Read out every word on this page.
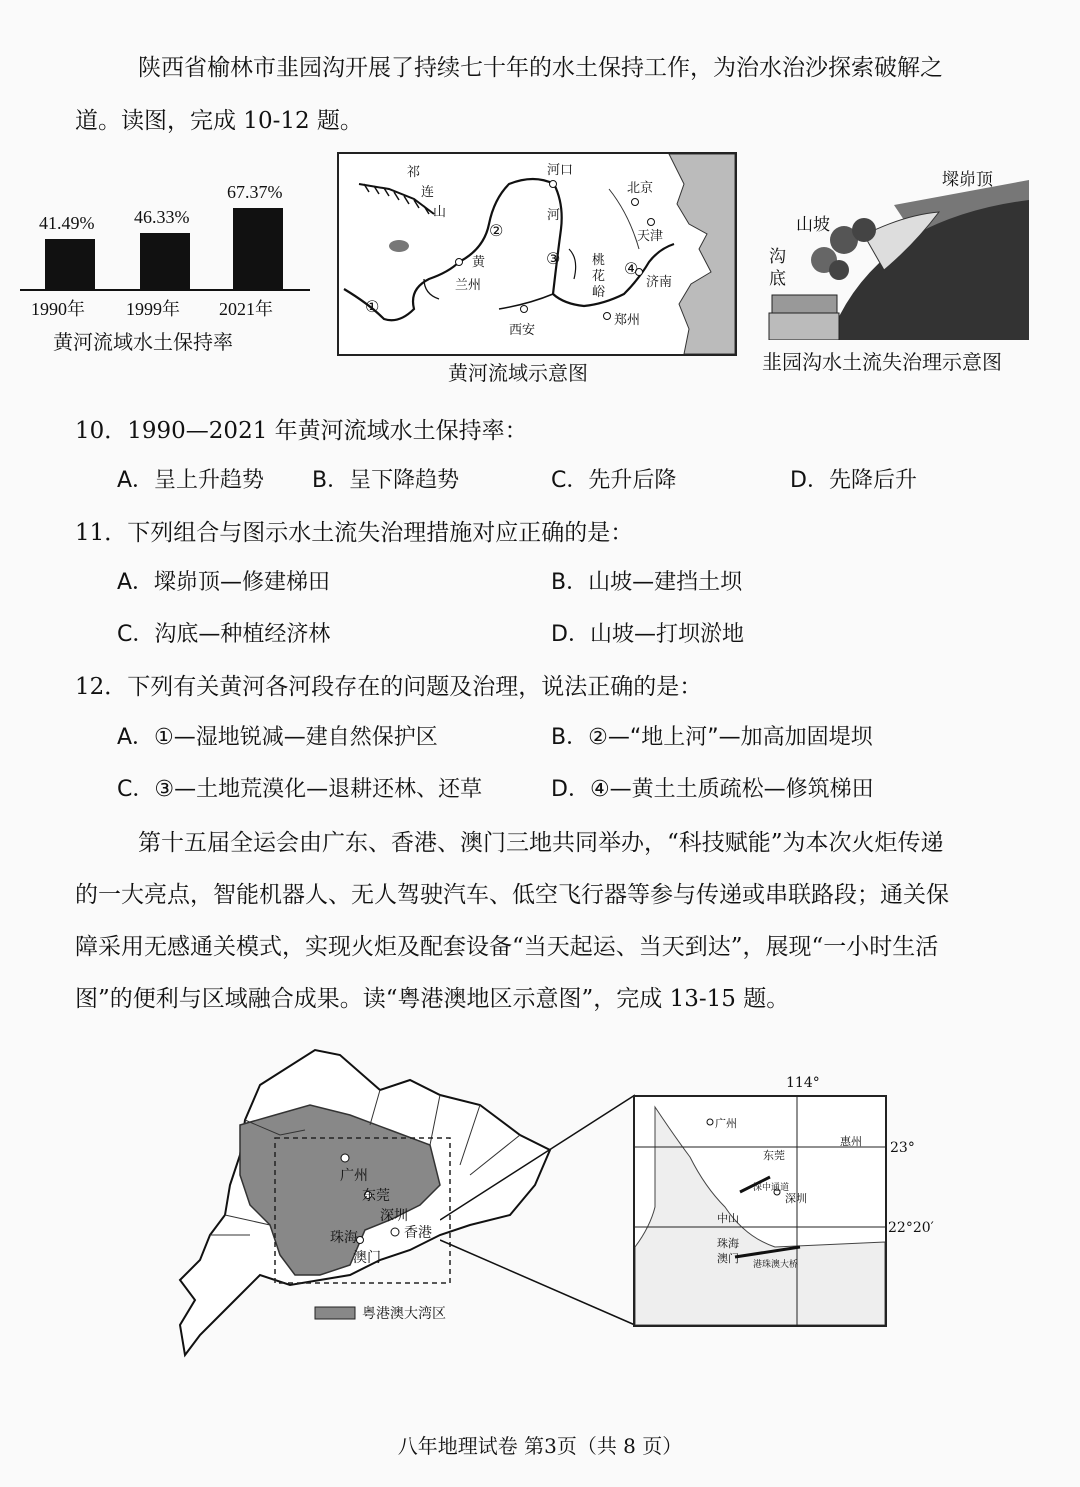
陕西省榆林市韭园沟开展了持续七十年的水土保持工作，为治水治沙探索破解之
道。读图，完成 10-12 题。
41.49%
1990年
46.33%
1999年
67.37%
2021年
黄河流域水土保持率
祁
连
山
河口
北京
天津
河
黄
兰州
桃
花
峪
济南
西安
郑州
①
②
③
④
黄河流域示意图
墚峁顶
山坡
沟
底
韭园沟水土流失治理示意图
10．1990—2021 年黄河流域水土保持率：
A．呈上升趋势 B．呈下降趋势	C．先升后降	D．先降后升
11．下列组合与图示水土流失治理措施对应正确的是：
A．墚峁顶—修建梯田	B．山坡—建挡土坝
C．沟底—种植经济林	D．山坡—打坝淤地
12．下列有关黄河各河段存在的问题及治理，说法正确的是：
A．①—湿地锐减—建自然保护区	B．②—“地上河”—加高加固堤坝
C．③—土地荒漠化—退耕还林、还草	D．④—黄土土质疏松—修筑梯田
第十五届全运会由广东、香港、澳门三地共同举办，“科技赋能”为本次火炬传递
的一大亮点，智能机器人、无人驾驶汽车、低空飞行器等参与传递或串联路段；通关保
障采用无感通关模式，实现火炬及配套设备“当天起运、当天到达”，展现“一小时生活
图”的便利与区域融合成果。读“粤港澳地区示意图”，完成 13-15 题。
广州
东莞
深圳
珠海	香港
澳门
粤港澳大湾区
广州
惠州
东莞
深圳
中山
珠海
澳门
深中通道
港珠澳大桥
114°
23°
22°20′
八年地理试卷 第3页（共 8 页）
